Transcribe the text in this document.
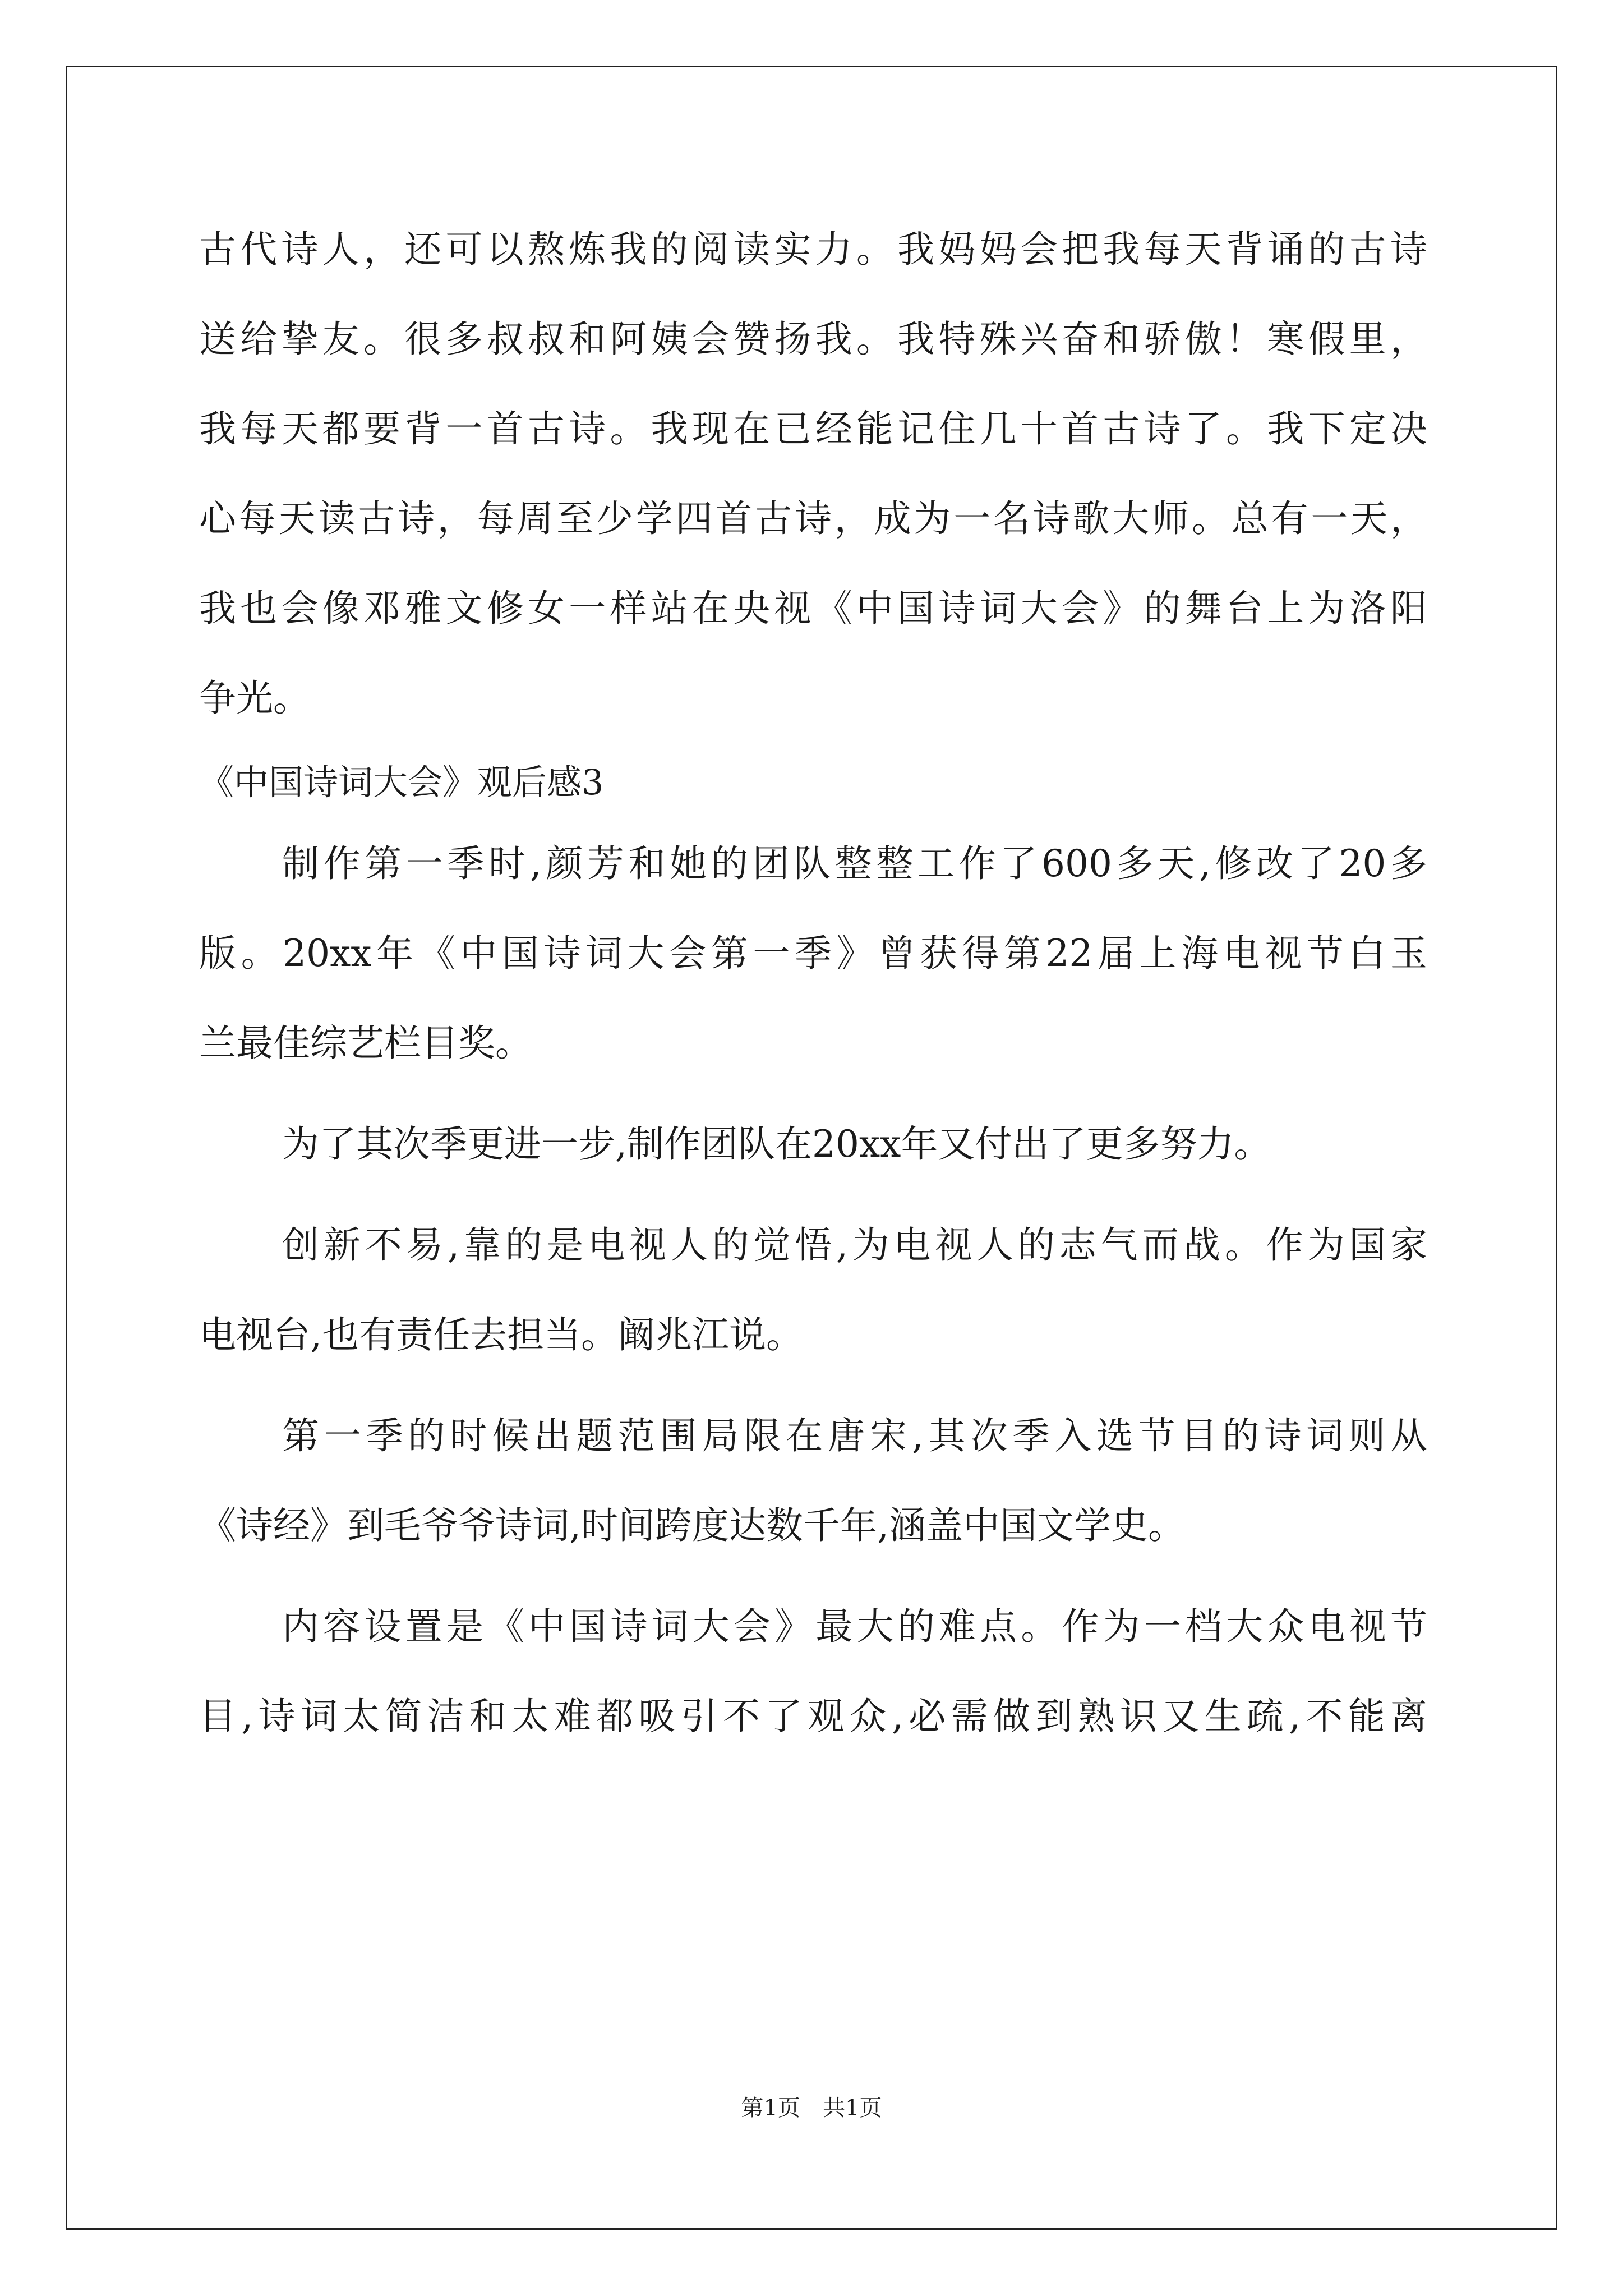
古代诗人，还可以熬炼我的阅读实力。我妈妈会把我每天背诵的古诗
送给挚友。很多叔叔和阿姨会赞扬我。我特殊兴奋和骄傲！寒假里，
我每天都要背一首古诗。我现在已经能记住几十首古诗了。我下定决
心每天读古诗，每周至少学四首古诗，成为一名诗歌大师。总有一天，
我也会像邓雅文修女一样站在央视《中国诗词大会》的舞台上为洛阳
争光。
《中国诗词大会》观后感3
制作第一季时,颜芳和她的团队整整工作了600多天,修改了20多
版。20xx年《中国诗词大会第一季》曾获得第22届上海电视节白玉
兰最佳综艺栏目奖。
为了其次季更进一步,制作团队在20xx年又付出了更多努力。
创新不易,靠的是电视人的觉悟,为电视人的志气而战。作为国家
电视台,也有责任去担当。阚兆江说。
第一季的时候出题范围局限在唐宋,其次季入选节目的诗词则从
《诗经》到毛爷爷诗词,时间跨度达数千年,涵盖中国文学史。
内容设置是《中国诗词大会》最大的难点。作为一档大众电视节
目,诗词太简洁和太难都吸引不了观众,必需做到熟识又生疏,不能离
第1页 共1页
